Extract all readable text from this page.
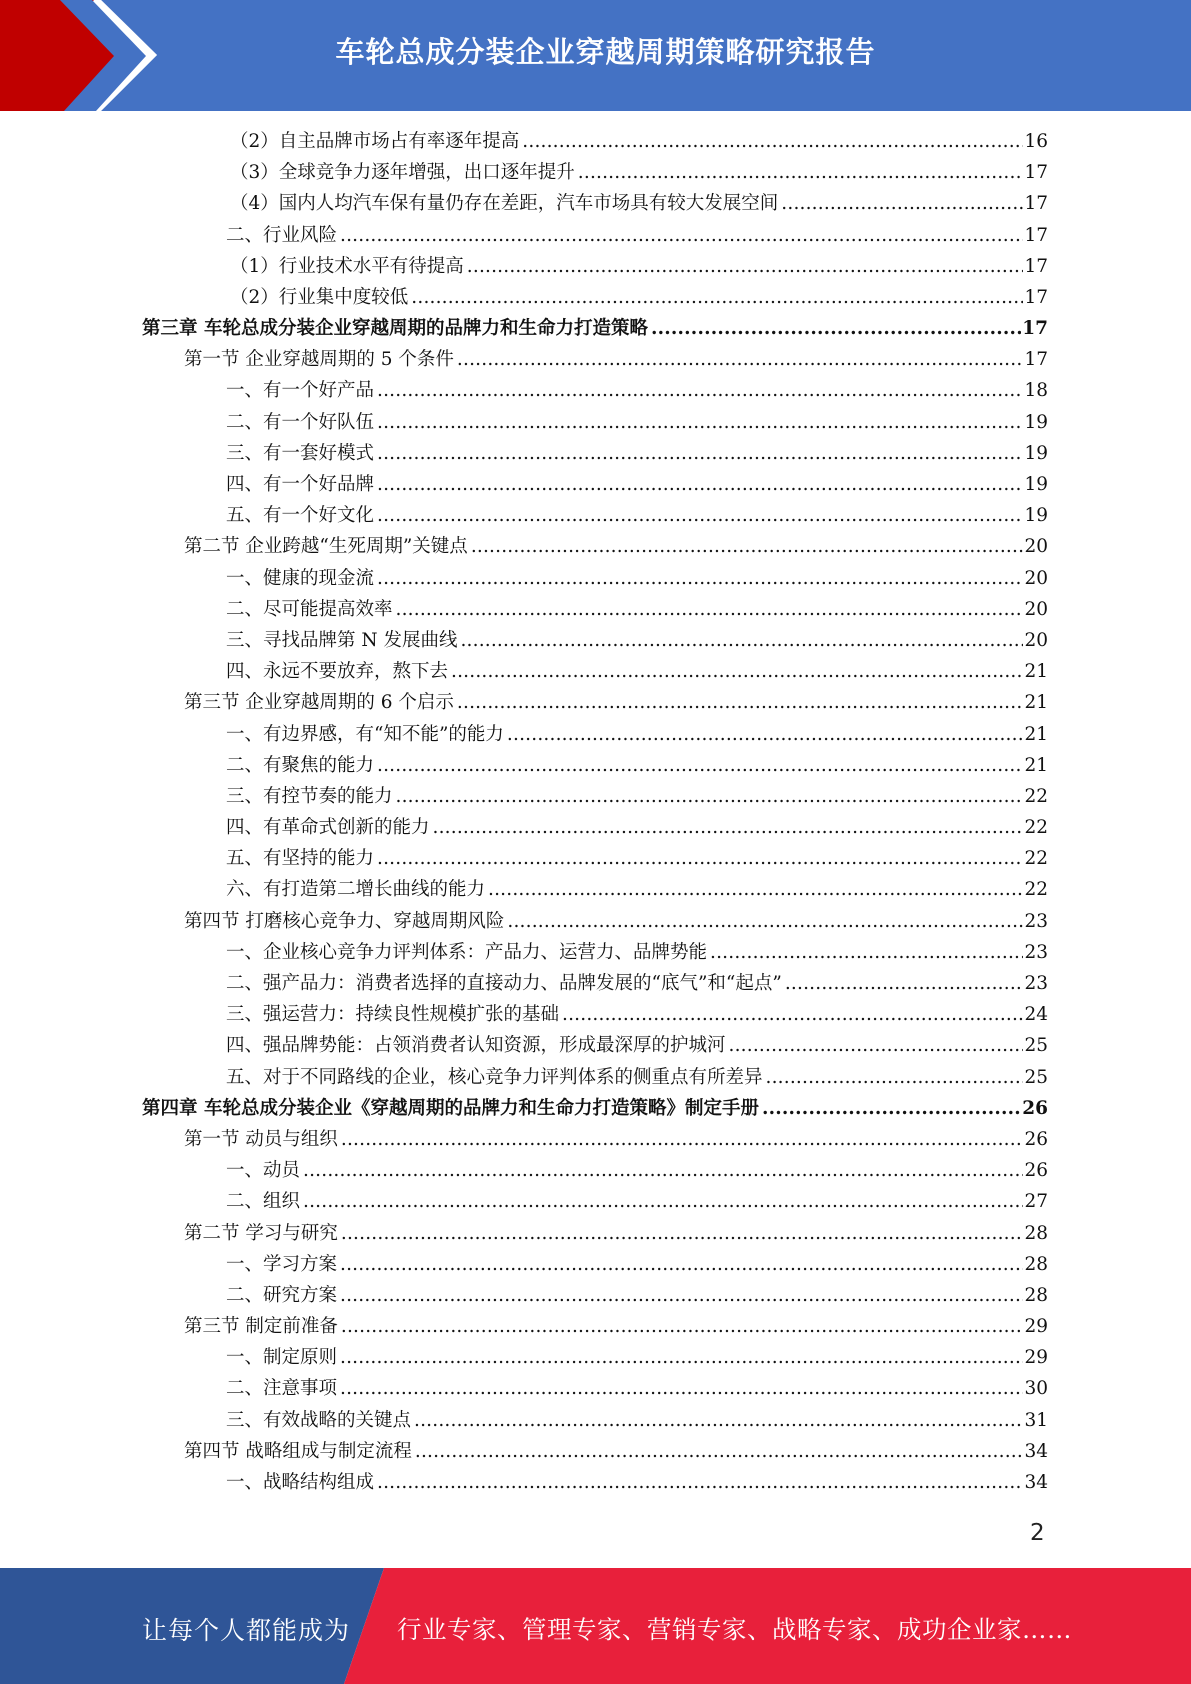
车轮总成分装企业穿越周期策略研究报告
（2）自主品牌市场占有率逐年提高 .....	16
（3）全球竞争力逐年增强，出口逐年提升 .....	17
（4）国内人均汽车保有量仍存在差距，汽车市场具有较大发展空间 .....	17
二、行业风险 .....	17
（1）行业技术水平有待提高 .....	17
（2）行业集中度较低 .....	17
第三章 车轮总成分装企业穿越周期的品牌力和生命力打造策略 .....	17
第一节 企业穿越周期的 5 个条件 .....	17
一、有一个好产品 .....	18
二、有一个好队伍 .....	19
三、有一套好模式 .....	19
四、有一个好品牌 .....	19
五、有一个好文化 .....	19
第二节 企业跨越“生死周期”关键点 .....	20
一、健康的现金流 .....	20
二、尽可能提高效率 .....	20
三、寻找品牌第 N 发展曲线 .....	20
四、永远不要放弃，熬下去 .....	21
第三节 企业穿越周期的 6 个启示 .....	21
一、有边界感，有“知不能”的能力 .....	21
二、有聚焦的能力 .....	21
三、有控节奏的能力 .....	22
四、有革命式创新的能力 .....	22
五、有坚持的能力 .....	22
六、有打造第二增长曲线的能力 .....	22
第四节 打磨核心竞争力、穿越周期风险 .....	23
一、企业核心竞争力评判体系：产品力、运营力、品牌势能 .....	23
二、强产品力：消费者选择的直接动力、品牌发展的“底气”和“起点” .....	23
三、强运营力：持续良性规模扩张的基础 .....	24
四、强品牌势能：占领消费者认知资源，形成最深厚的护城河 .....	25
五、对于不同路线的企业，核心竞争力评判体系的侧重点有所差异 .....	25
第四章 车轮总成分装企业《穿越周期的品牌力和生命力打造策略》制定手册 .....	26
第一节 动员与组织 .....	26
一、动员 .....	26
二、组织 .....	27
第二节 学习与研究 .....	28
一、学习方案 .....	28
二、研究方案 .....	28
第三节 制定前准备 .....	29
一、制定原则 .....	29
二、注意事项 .....	30
三、有效战略的关键点 .....	31
第四节 战略组成与制定流程 .....	34
一、战略结构组成 .....	34
2
让每个人都能成为 行业专家、管理专家、营销专家、战略专家、成功企业家……
